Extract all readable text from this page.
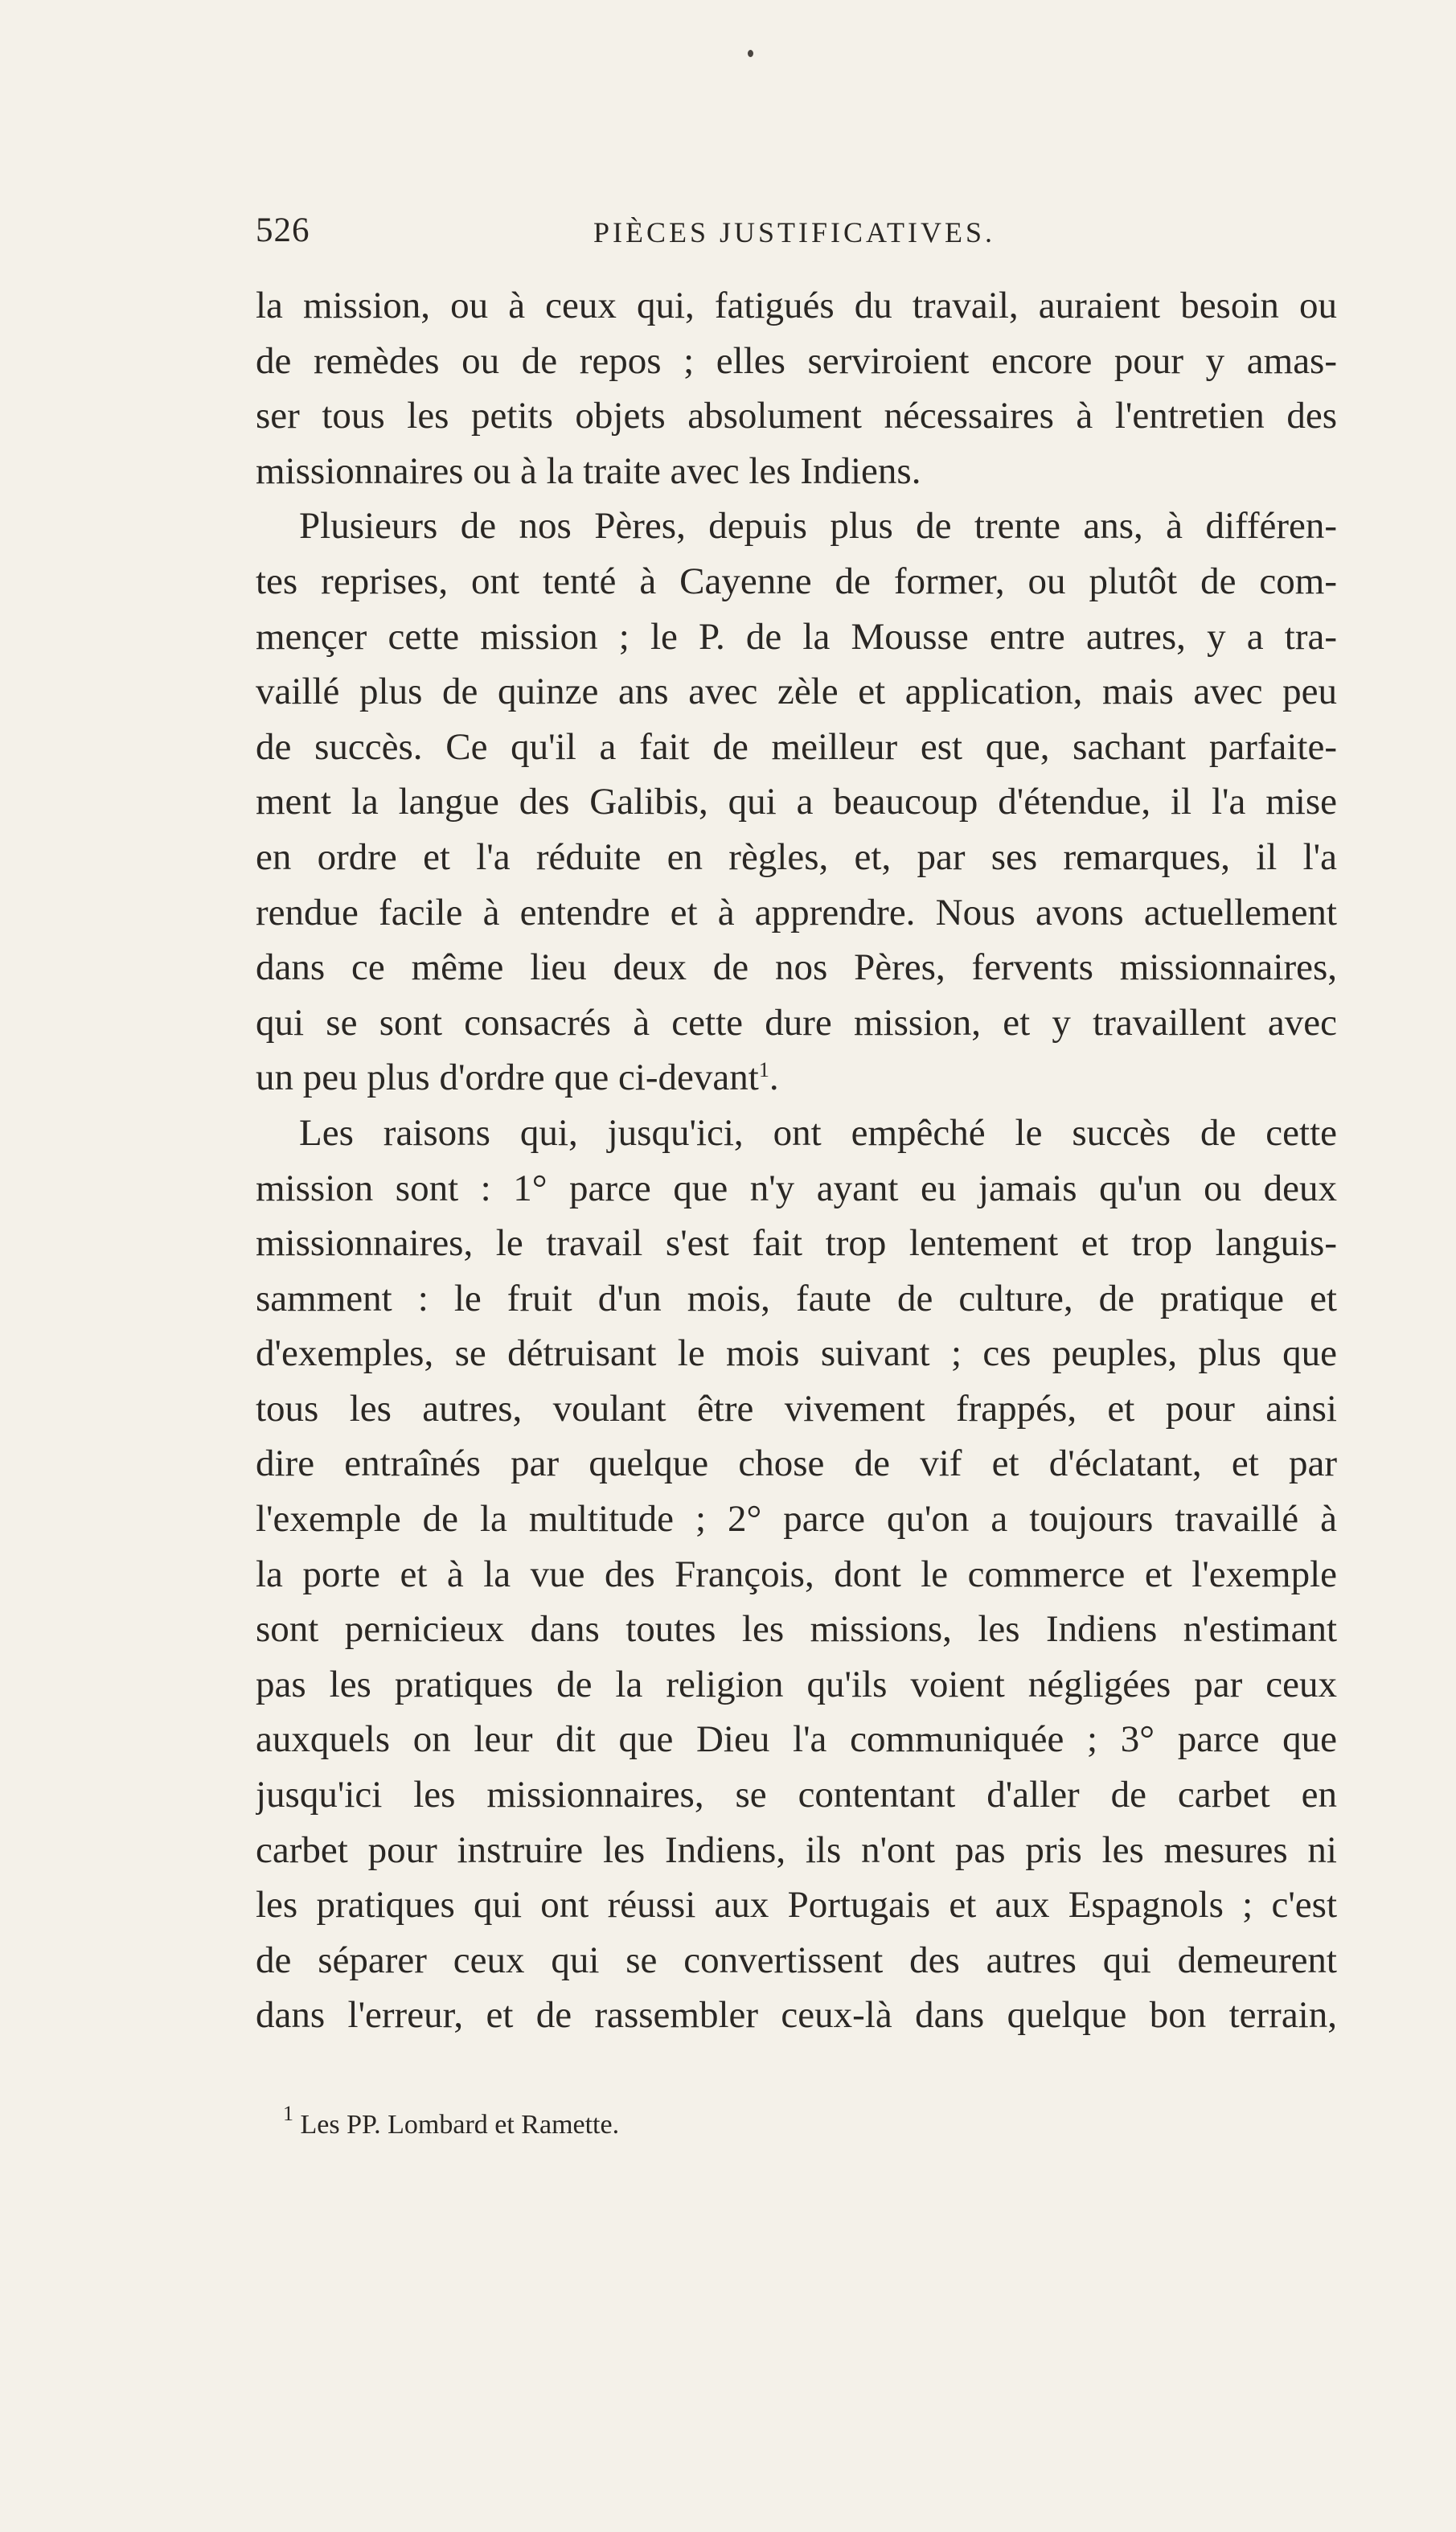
526	PIÈCES JUSTIFICATIVES.
la mission, ou à ceux qui, fatigués du travail, auraient besoin ou
de remèdes ou de repos ; elles serviroient encore pour y amas-
ser tous les petits objets absolument nécessaires à l'entretien des
missionnaires ou à la traite avec les Indiens.
Plusieurs de nos Pères, depuis plus de trente ans, à différen-
tes reprises, ont tenté à Cayenne de former, ou plutôt de com-
mençer cette mission ; le P. de la Mousse entre autres, y a tra-
vaillé plus de quinze ans avec zèle et application, mais avec peu
de succès. Ce qu'il a fait de meilleur est que, sachant parfaite-
ment la langue des Galibis, qui a beaucoup d'étendue, il l'a mise
en ordre et l'a réduite en règles, et, par ses remarques, il l'a
rendue facile à entendre et à apprendre. Nous avons actuellement
dans ce même lieu deux de nos Pères, fervents missionnaires,
qui se sont consacrés à cette dure mission, et y travaillent avec
un peu plus d'ordre que ci-devant$^1$.
Les raisons qui, jusqu'ici, ont empêché le succès de cette
mission sont : 1° parce que n'y ayant eu jamais qu'un ou deux
missionnaires, le travail s'est fait trop lentement et trop languis-
samment : le fruit d'un mois, faute de culture, de pratique et
d'exemples, se détruisant le mois suivant ; ces peuples, plus que
tous les autres, voulant être vivement frappés, et pour ainsi
dire entraînés par quelque chose de vif et d'éclatant, et par
l'exemple de la multitude ; 2° parce qu'on a toujours travaillé à
la porte et à la vue des François, dont le commerce et l'exemple
sont pernicieux dans toutes les missions, les Indiens n'estimant
pas les pratiques de la religion qu'ils voient négligées par ceux
auxquels on leur dit que Dieu l'a communiquée ; 3° parce que
jusqu'ici les missionnaires, se contentant d'aller de carbet en
carbet pour instruire les Indiens, ils n'ont pas pris les mesures ni
les pratiques qui ont réussi aux Portugais et aux Espagnols ; c'est
de séparer ceux qui se convertissent des autres qui demeurent
dans l'erreur, et de rassembler ceux-là dans quelque bon terrain,
$^1$ Les PP. Lombard et Ramette.
